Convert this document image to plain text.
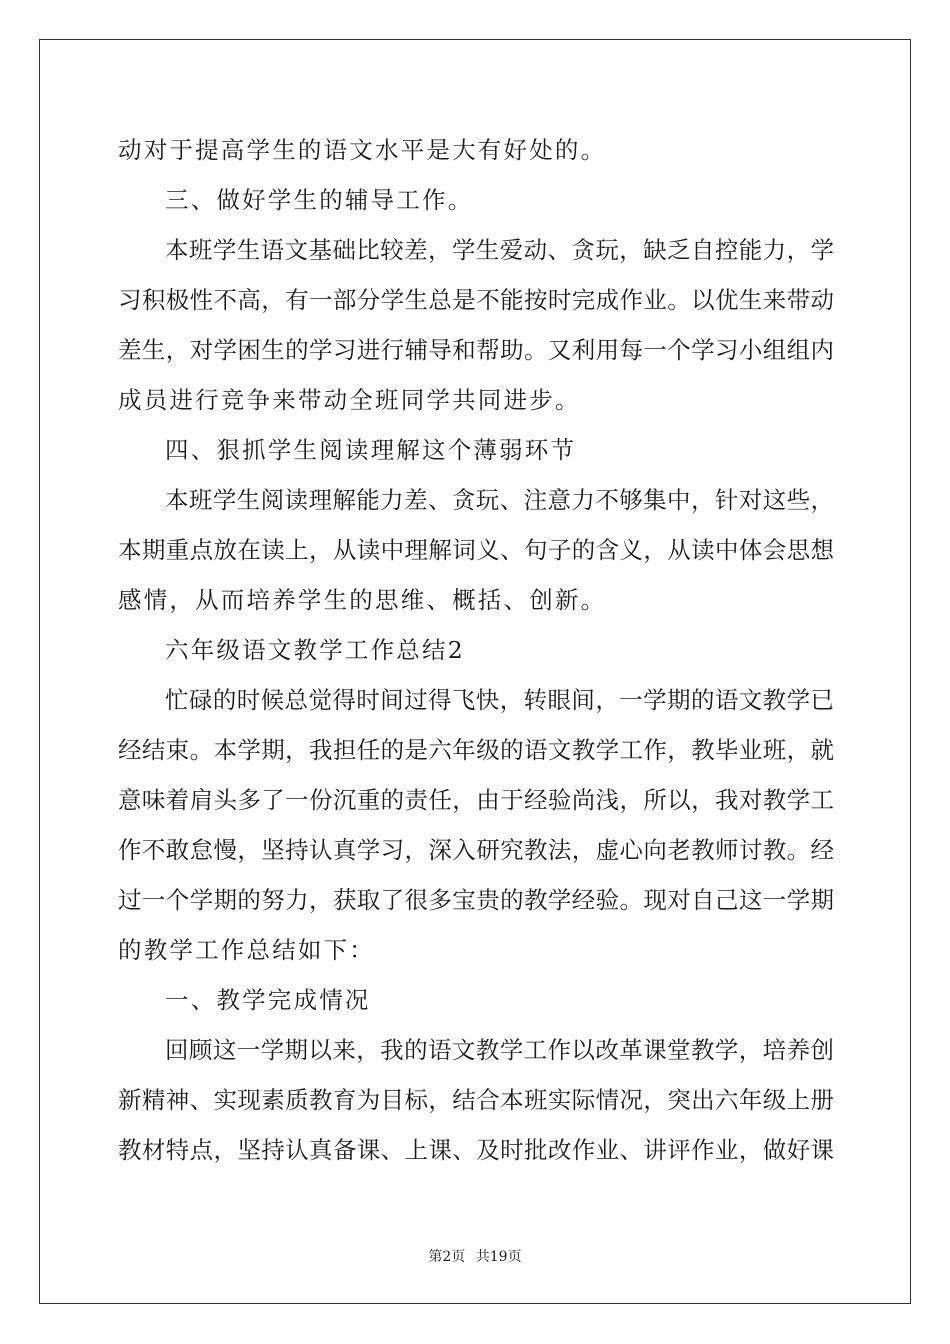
动对于提高学生的语文水平是大有好处的。
三、做好学生的辅导工作。
本班学生语文基础比较差，学生爱动、贪玩，缺乏自控能力，学
习积极性不高，有一部分学生总是不能按时完成作业。以优生来带动
差生，对学困生的学习进行辅导和帮助。又利用每一个学习小组组内
成员进行竞争来带动全班同学共同进步。
四、狠抓学生阅读理解这个薄弱环节
本班学生阅读理解能力差、贪玩、注意力不够集中，针对这些，
本期重点放在读上，从读中理解词义、句子的含义，从读中体会思想
感情，从而培养学生的思维、概括、创新。
六年级语文教学工作总结2
忙碌的时候总觉得时间过得飞快，转眼间，一学期的语文教学已
经结束。本学期，我担任的是六年级的语文教学工作，教毕业班，就
意味着肩头多了一份沉重的责任，由于经验尚浅，所以，我对教学工
作不敢怠慢，坚持认真学习，深入研究教法，虚心向老教师讨教。经
过一个学期的努力，获取了很多宝贵的教学经验。现对自己这一学期
的教学工作总结如下：
一、教学完成情况
回顾这一学期以来，我的语文教学工作以改革课堂教学，培养创
新精神、实现素质教育为目标，结合本班实际情况，突出六年级上册
教材特点，坚持认真备课、上课、及时批改作业、讲评作业，做好课
第2页 共19页
